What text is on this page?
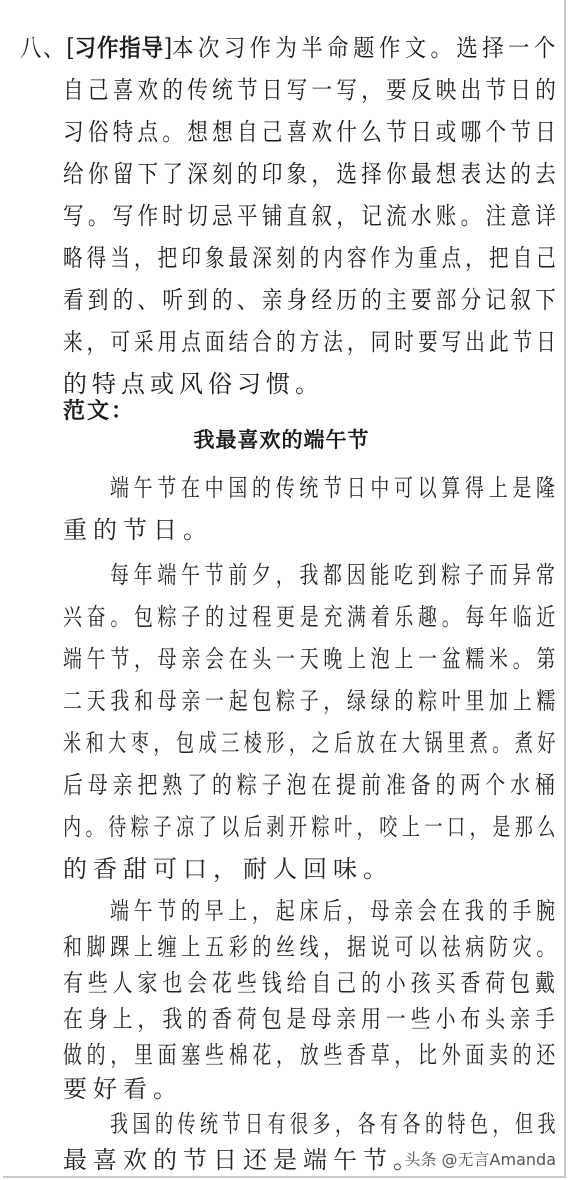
八、[习作指导]本次习作为半命题作文。选择一个
自己喜欢的传统节日写一写，要反映出节日的
习俗特点。想想自己喜欢什么节日或哪个节日
给你留下了深刻的印象，选择你最想表达的去
写。写作时切忌平铺直叙，记流水账。注意详
略得当，把印象最深刻的内容作为重点，把自己
看到的、听到的、亲身经历的主要部分记叙下
来，可采用点面结合的方法，同时要写出此节日
的特点或风俗习惯。
范文：
我最喜欢的端午节
端午节在中国的传统节日中可以算得上是隆
重的节日。
每年端午节前夕，我都因能吃到粽子而异常
兴奋。包粽子的过程更是充满着乐趣。每年临近
端午节，母亲会在头一天晚上泡上一盆糯米。第
二天我和母亲一起包粽子，绿绿的粽叶里加上糯
米和大枣，包成三棱形，之后放在大锅里煮。煮好
后母亲把熟了的粽子泡在提前准备的两个水桶
内。待粽子凉了以后剥开粽叶，咬上一口，是那么
的香甜可口，耐人回味。
端午节的早上，起床后，母亲会在我的手腕
和脚踝上缠上五彩的丝线，据说可以祛病防灾。
有些人家也会花些钱给自己的小孩买香荷包戴
在身上，我的香荷包是母亲用一些小布头亲手
做的，里面塞些棉花，放些香草，比外面卖的还
要好看。
我国的传统节日有很多，各有各的特色，但我
最喜欢的节日还是端午节。
头条 @无言Amanda
